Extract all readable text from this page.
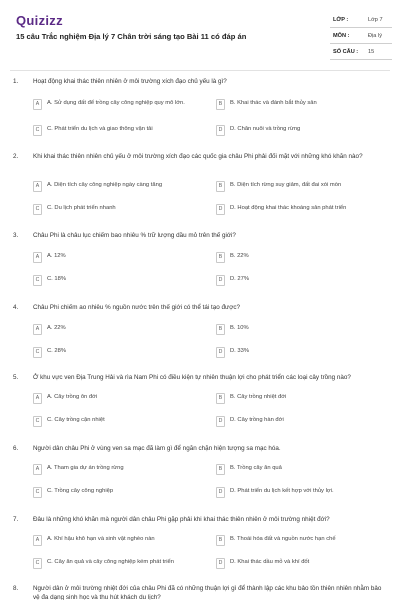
Quizizz
15 câu Trắc nghiệm Địa lý 7 Chân trời sáng tạo Bài 11 có đáp án
LỚP :	Lớp 7
MÔN :	Địa lý
SỐ CÂU : 15
1. Hoạt động khai thác thiên nhiên ở môi trường xích đạo chủ yếu là gì?
A	A. Sử dụng đất để trồng cây công nghiệp quy mô lớn.	B	B. Khai thác và đánh bắt thủy sản
C	C. Phát triển du lịch và giao thông vận tải	D	D. Chăn nuôi và trồng rừng
2. Khi khai thác thiên nhiên chủ yếu ở môi trường xích đạo các quốc gia châu Phi phải đối mặt với những khó khăn nào?
A	A. Diện tích cây công nghiệp ngày càng tăng	B	B. Diện tích rừng suy giảm, đất đai xói mòn
C	C. Du lịch phát triển nhanh	D	D. Hoạt động khai thác khoáng sản phát triển
3. Châu Phi là châu lục chiếm bao nhiêu % trữ lượng dầu mỏ trên thế giới?
A	A. 12%	B	B. 22%
C	C. 18%	D	D. 27%
4. Châu Phi chiếm ao nhiêu % nguồn nước trên thế giới có thể tái tạo được?
A	A. 22%	B	B. 10%
C	C. 28%	D	D. 33%
5. Ở khu vực ven Địa Trung Hải và rìa Nam Phi có điều kiện tự nhiên thuận lợi cho phát triển các loại cây trồng nào?
A	A. Cây trồng ôn đới	B	B. Cây trồng nhiệt đới
C	C. Cây trồng cận nhiệt	D	D. Cây trồng hàn đới
6. Người dân châu Phi ở vùng ven sa mạc đã làm gì để ngăn chặn hiện tượng sa mạc hóa.
A	A. Tham gia dự án trồng rừng	B	B. Trồng cây ăn quả
C	C. Trồng cây công nghiệp	D	D. Phát triển du lịch kết hợp với thủy lợi.
7. Đâu là những khó khăn mà người dân châu Phi gặp phải khi khai thác thiên nhiên ở môi trường nhiệt đới?
A	A. Khí hậu khô hạn và sinh vật nghèo nàn	B	B. Thoái hóa đất và nguồn nước hạn chế
C	C. Cây ăn quả và cây công nghiệp kém phát triển	D	D. Khai thác dầu mỏ và khí đốt
8. Người dân ở môi trường nhiệt đới của châu Phi đã có những thuận lợi gì để thành lập các khu bảo tồn thiên nhiên nhằm bảo vệ đa dạng sinh học và thu hút khách du lịch?
